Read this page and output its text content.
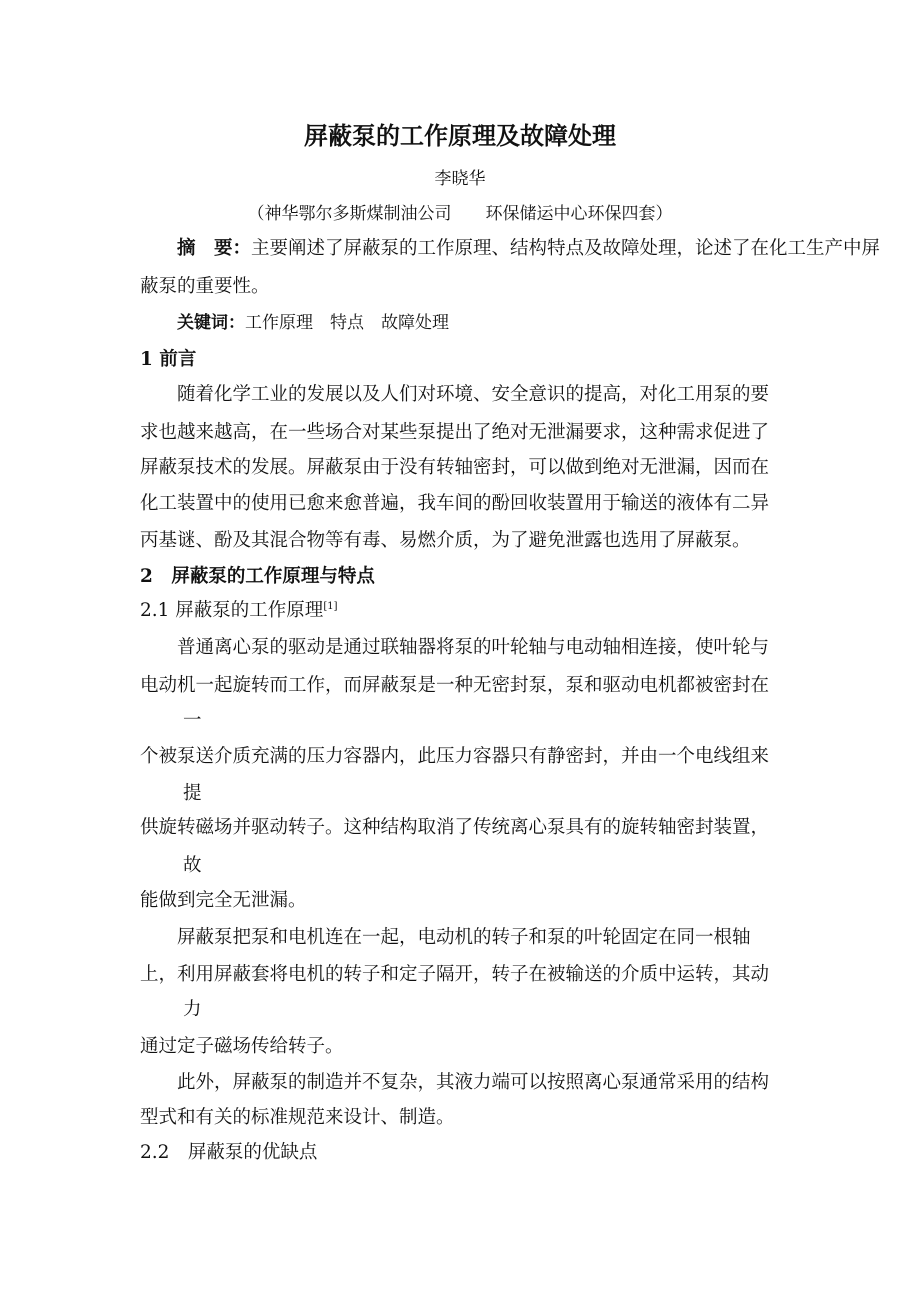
屏蔽泵的工作原理及故障处理
李晓华
（神华鄂尔多斯煤制油公司　　环保储运中心环保四套）
摘　要：主要阐述了屏蔽泵的工作原理、结构特点及故障处理，论述了在化工生产中屏
蔽泵的重要性。
关键词：工作原理　特点　故障处理
1 前言
随着化学工业的发展以及人们对环境、安全意识的提高，对化工用泵的要
求也越来越高，在一些场合对某些泵提出了绝对无泄漏要求，这种需求促进了
屏蔽泵技术的发展。屏蔽泵由于没有转轴密封，可以做到绝对无泄漏，因而在
化工装置中的使用已愈来愈普遍，我车间的酚回收装置用于输送的液体有二异
丙基谜、酚及其混合物等有毒、易燃介质，为了避免泄露也选用了屏蔽泵。
2　屏蔽泵的工作原理与特点
2.1 屏蔽泵的工作原理[1]
普通离心泵的驱动是通过联轴器将泵的叶轮轴与电动轴相连接，使叶轮与
电动机一起旋转而工作，而屏蔽泵是一种无密封泵，泵和驱动电机都被密封在
一
个被泵送介质充满的压力容器内，此压力容器只有静密封，并由一个电线组来
提
供旋转磁场并驱动转子。这种结构取消了传统离心泵具有的旋转轴密封装置，
故
能做到完全无泄漏。
屏蔽泵把泵和电机连在一起，电动机的转子和泵的叶轮固定在同一根轴
上，利用屏蔽套将电机的转子和定子隔开，转子在被输送的介质中运转，其动
力
通过定子磁场传给转子。
此外，屏蔽泵的制造并不复杂，其液力端可以按照离心泵通常采用的结构
型式和有关的标准规范来设计、制造。
2.2　屏蔽泵的优缺点
